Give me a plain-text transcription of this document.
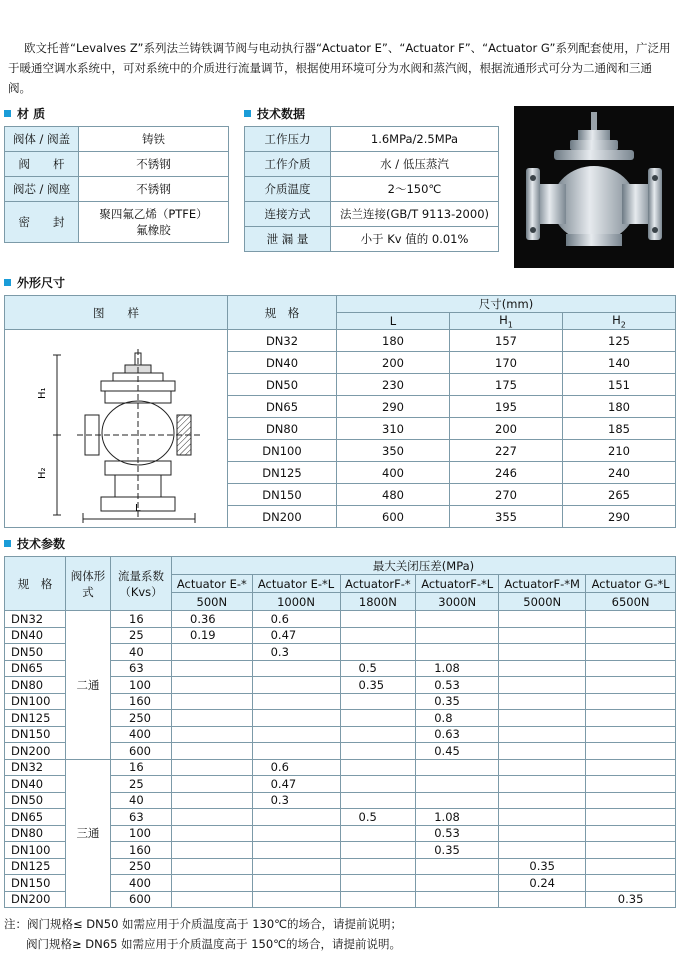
欧文托普“Levalves Z”系列法兰铸铁调节阀与电动执行器“Actuator E”、“Actuator F”、“Actuator G”系列配套使用，广泛用于暖通空调水系统中，可对系统中的介质进行流量调节，根据使用环境可分为水阀和蒸汽阀，根据流通形式可分为二通阀和三通阀。
材 质
阀体 / 阀盖	铸铁
阀　　杆	不锈钢
阀芯 / 阀座	不锈钢
密　　封	聚四氟乙烯（PTFE）
氟橡胶
技术数据
工作压力	1.6MPa/2.5MPa
工作介质	水 / 低压蒸汽
介质温度	2～150℃
连接方式	法兰连接(GB/T 9113-2000)
泄 漏 量	小于 Kv 值的 0.01%
外形尺寸
图　　样	规　格	尺寸(mm)		
		L	$H_1$	$H_2$

H₁
H₂
L	DN32	180	157	125
	DN40	200	170	140
	DN50	230	175	151
	DN65	290	195	180
	DN80	310	200	185
	DN100	350	227	210
	DN125	400	246	240
	DN150	480	270	265
	DN200	600	355	290
技术参数
规　格	阀体形式	流量系数（Kvs）	最大关闭压差(MPa)					
			Actuator E-*	Actuator E-*L	ActuatorF-*	ActuatorF-*L	ActuatorF-*M	Actuator G-*L
			500N	1000N	1800N	3000N	5000N	6500N
DN32	二通	16	0.36	0.6				
DN40		25	0.19	0.47				
DN50		40		0.3				
DN65		63			0.5	1.08		
DN80		100			0.35	0.53		
DN100		160				0.35		
DN125		250				0.8		
DN150		400				0.63		
DN200		600				0.45		
DN32	三通	16		0.6				
DN40		25		0.47				
DN50		40		0.3				
DN65		63			0.5	1.08		
DN80		100				0.53		
DN100		160				0.35		
DN125		250					0.35	
DN150		400					0.24	
DN200		600						0.35
注：阀门规格≤ DN50 如需应用于介质温度高于 130℃的场合，请提前说明；
阀门规格≥ DN65 如需应用于介质温度高于 150℃的场合，请提前说明。
